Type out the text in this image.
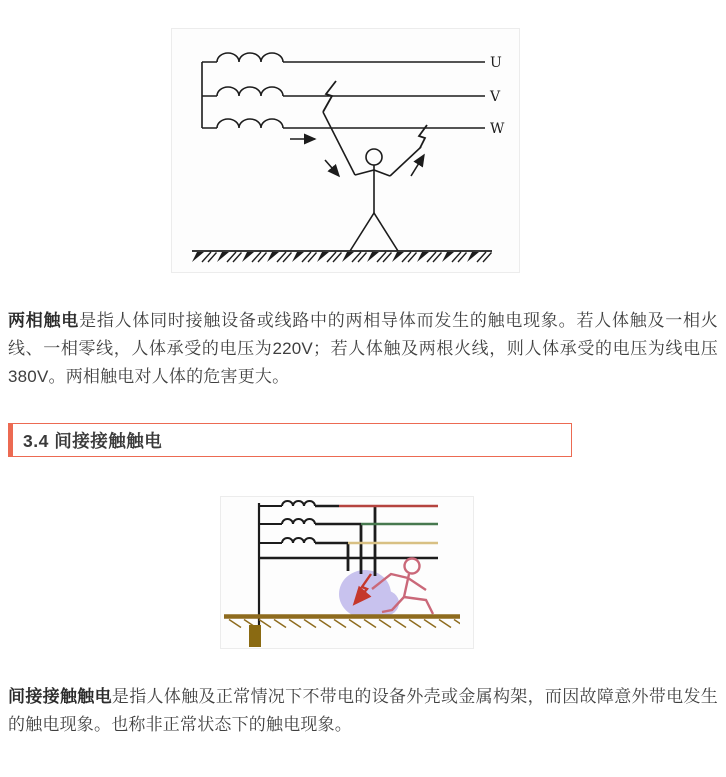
U
V
W

两相触电是指人体同时接触设备或线路中的两相导体而发生的触电现象。若人体触及一相火线、一相零线，人体承受的电压为220V；若人体触及两根火线，则人体承受的电压为线电压380V。两相触电对人体的危害更大。

3.4 间接接触触电

间接接触触电是指人体触及正常情况下不带电的设备外壳或金属构架，而因故障意外带电发生的触电现象。也称非正常状态下的触电现象。
